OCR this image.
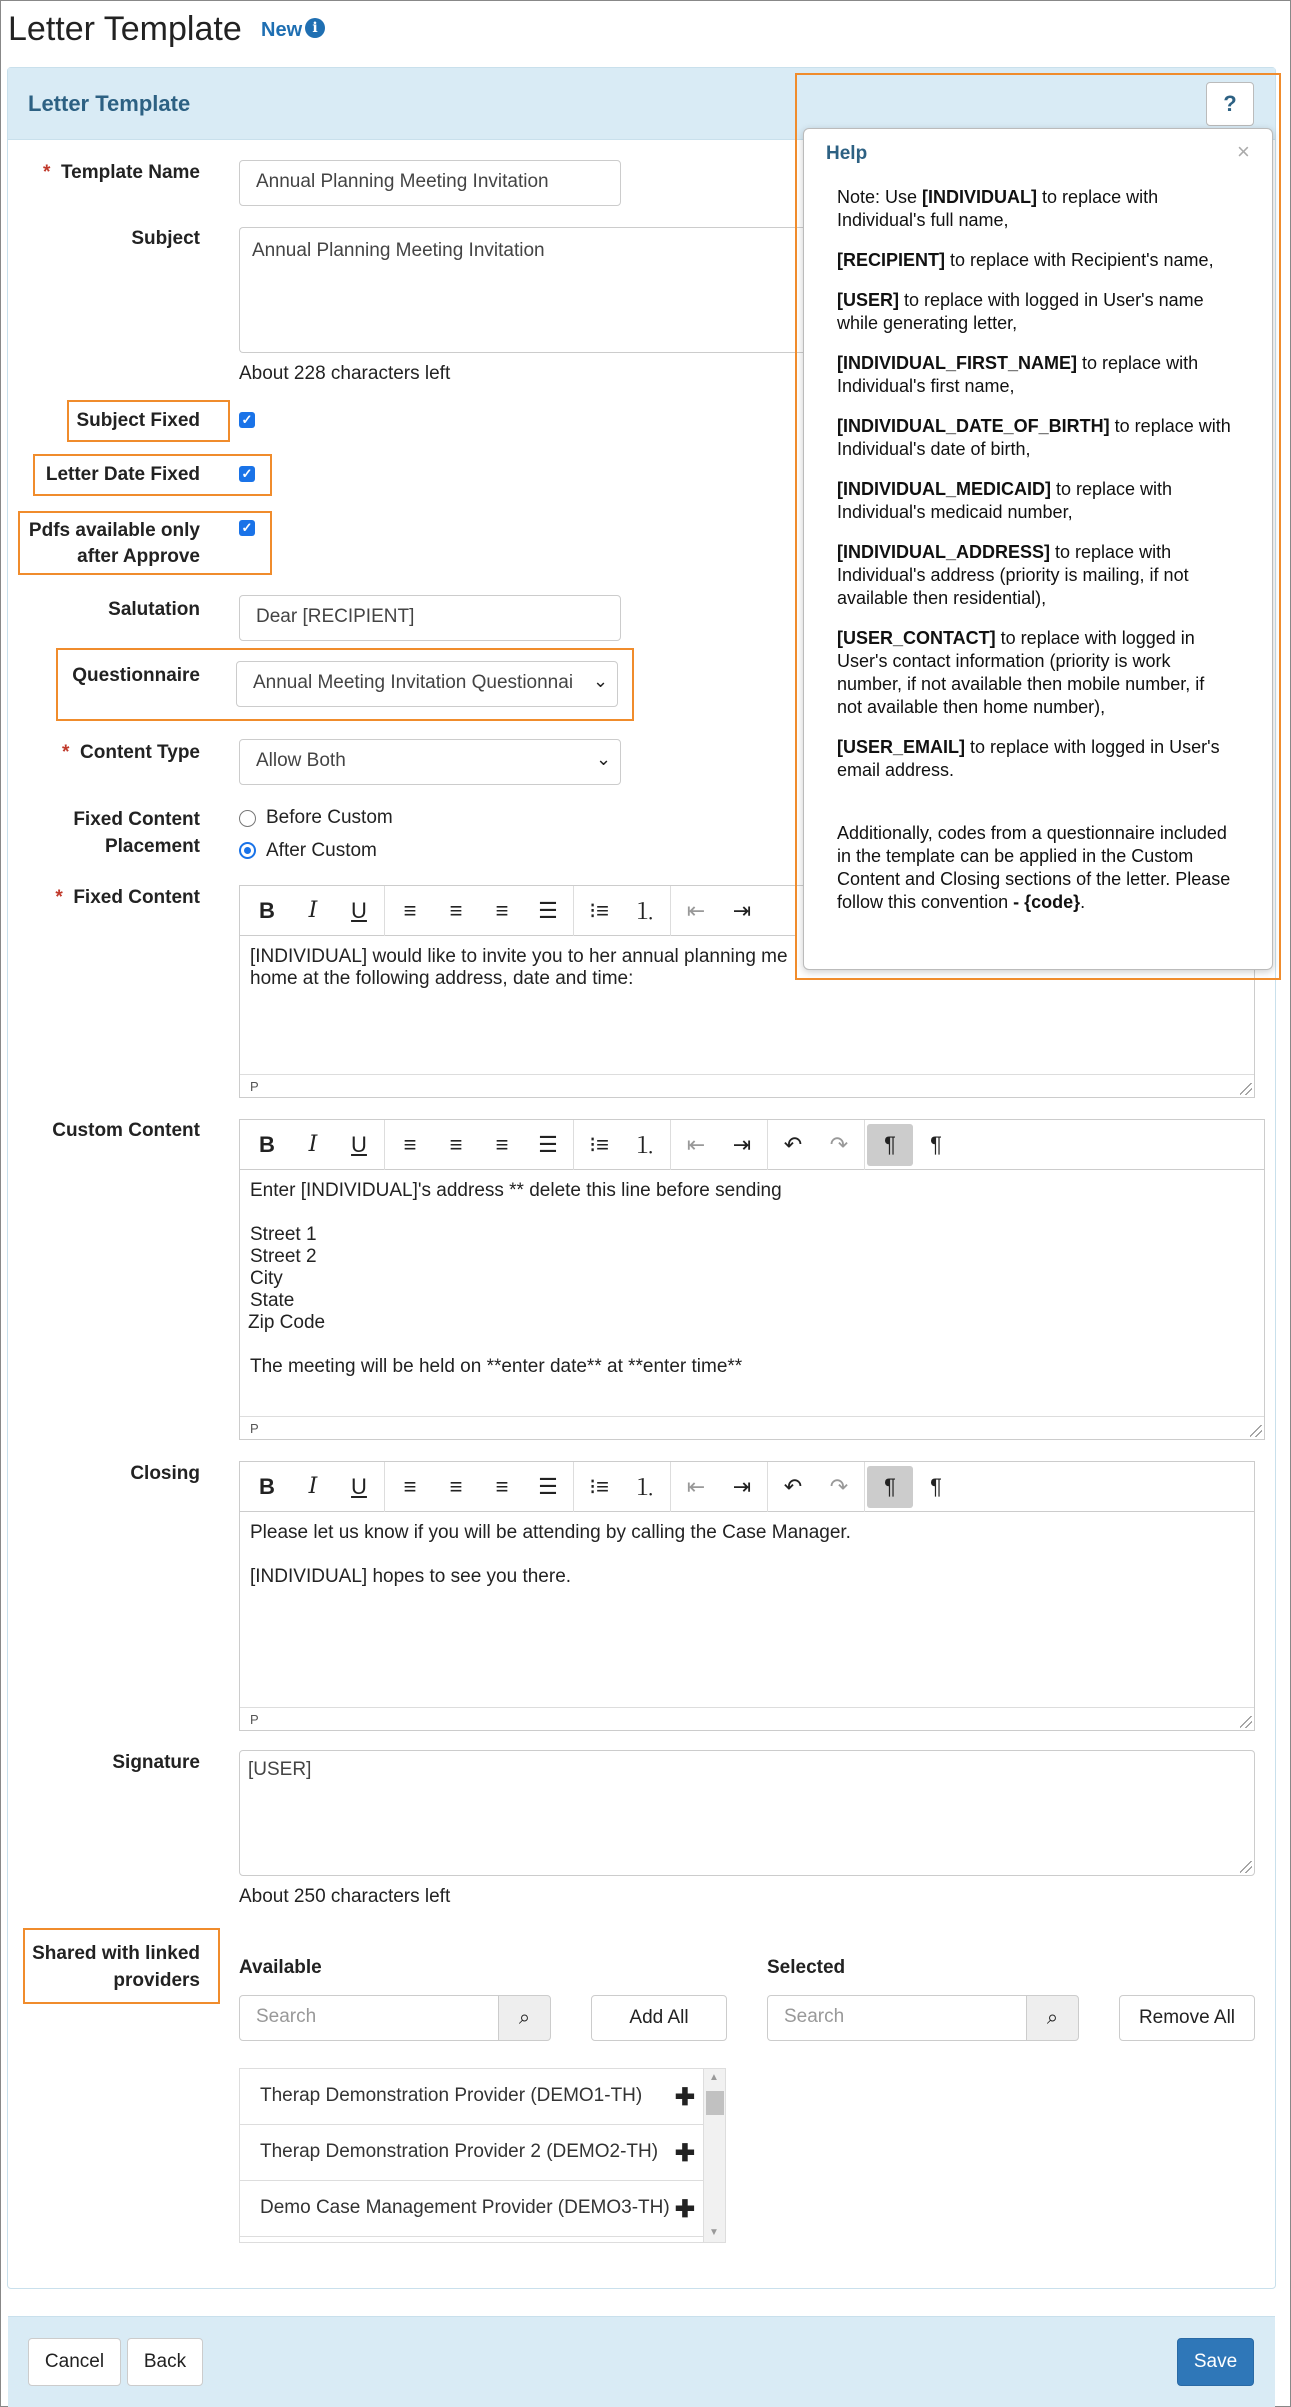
Letter Template New i
Letter Template
* Template Name	Annual Planning Meeting Invitation
Subject
Annual Planning Meeting Invitation
About 228 characters left
Subject Fixed	✓
Letter Date Fixed	✓
Pdfs available only
after Approve
✓
Salutation	Dear [RECIPIENT]
Questionnaire	Annual Meeting Invitation Questionnai	⌄
* Content Type	Allow Both	⌄
Fixed Content
Placement
Before Custom
After Custom
* Fixed Content	B	I	U	≡	≡	≡	☰	⁝≡	⒈	⇤	⇥
[INDIVIDUAL] would like to invite you to her annual planning me
home at the following address, date and time:
P
Custom Content
B	I	U	≡	≡	≡	☰	⁝≡	⒈	⇤	⇥	↶	↷	¶	¶
Enter [INDIVIDUAL]'s address ** delete this line before sending
Street 1
Street 2
City
State
Zip Code
The meeting will be held on **enter date** at **enter time**
P
Closing	B	I	U	≡	≡	≡	☰	⁝≡	⒈	⇤	⇥	↶	↷	¶	¶
Please let us know if you will be attending by calling the Case Manager.
[INDIVIDUAL] hopes to see you there.
P
Signature	[USER]
About 250 characters left
Shared with linked
providers
Available
Search	⌕	Add All
Selected
Search	⌕	Remove All
Therap Demonstration Provider (DEMO1-TH) ✚
Therap Demonstration Provider 2 (DEMO2-TH) ✚
Demo Case Management Provider (DEMO3-TH) ✚
▲
▼
?
Help	×

Note: Use [INDIVIDUAL] to replace with Individual's full name,

[RECIPIENT] to replace with Recipient's name,

[USER] to replace with logged in User's name while generating letter,

[INDIVIDUAL_FIRST_NAME] to replace with Individual's first name,

[INDIVIDUAL_DATE_OF_BIRTH] to replace with Individual's date of birth,

[INDIVIDUAL_MEDICAID] to replace with Individual's medicaid number,

[INDIVIDUAL_ADDRESS] to replace with Individual's address (priority is mailing, if not available then residential),

[USER_CONTACT] to replace with logged in User's contact information (priority is work number, if not available then mobile number, if not available then home number),

[USER_EMAIL] to replace with logged in User's email address.

Additionally, codes from a questionnaire included in the template can be applied in the Custom Content and Closing sections of the letter. Please follow this convention - {code}.

Cancel	Back	Save
